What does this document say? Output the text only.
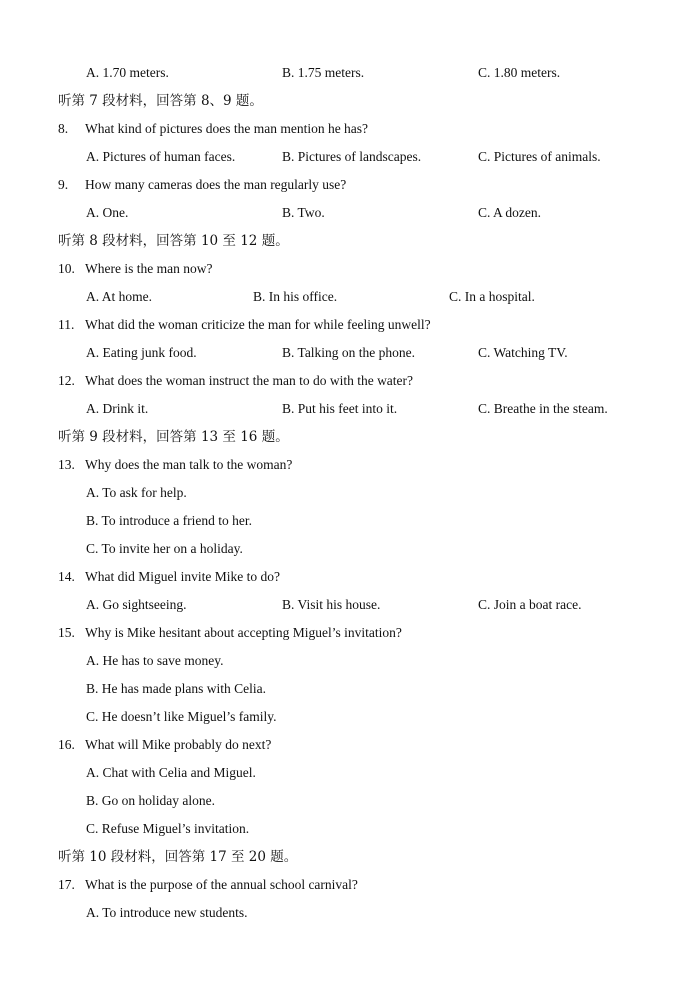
A. 1.70 meters.	B. 1.75 meters.	C. 1.80 meters.
听第 7 段材料，回答第 8、9 题。
8. What kind of pictures does the man mention he has?
A. Pictures of human faces.	B. Pictures of landscapes.	C. Pictures of animals.
9. How many cameras does the man regularly use?
A. One.	B. Two.	C. A dozen.
听第 8 段材料，回答第 10 至 12 题。
10. Where is the man now?
A. At home.	B. In his office.	C. In a hospital.
11. What did the woman criticize the man for while feeling unwell?
A. Eating junk food.	B. Talking on the phone.	C. Watching TV.
12. What does the woman instruct the man to do with the water?
A. Drink it.	B. Put his feet into it.	C. Breathe in the steam.
听第 9 段材料，回答第 13 至 16 题。
13. Why does the man talk to the woman?
A. To ask for help.
B. To introduce a friend to her.
C. To invite her on a holiday.
14. What did Miguel invite Mike to do?
A. Go sightseeing.	B. Visit his house.	C. Join a boat race.
15. Why is Mike hesitant about accepting Miguel’s invitation?
A. He has to save money.
B. He has made plans with Celia.
C. He doesn’t like Miguel’s family.
16. What will Mike probably do next?
A. Chat with Celia and Miguel.
B. Go on holiday alone.
C. Refuse Miguel’s invitation.
听第 10 段材料，回答第 17 至 20 题。
17. What is the purpose of the annual school carnival?
A. To introduce new students.
